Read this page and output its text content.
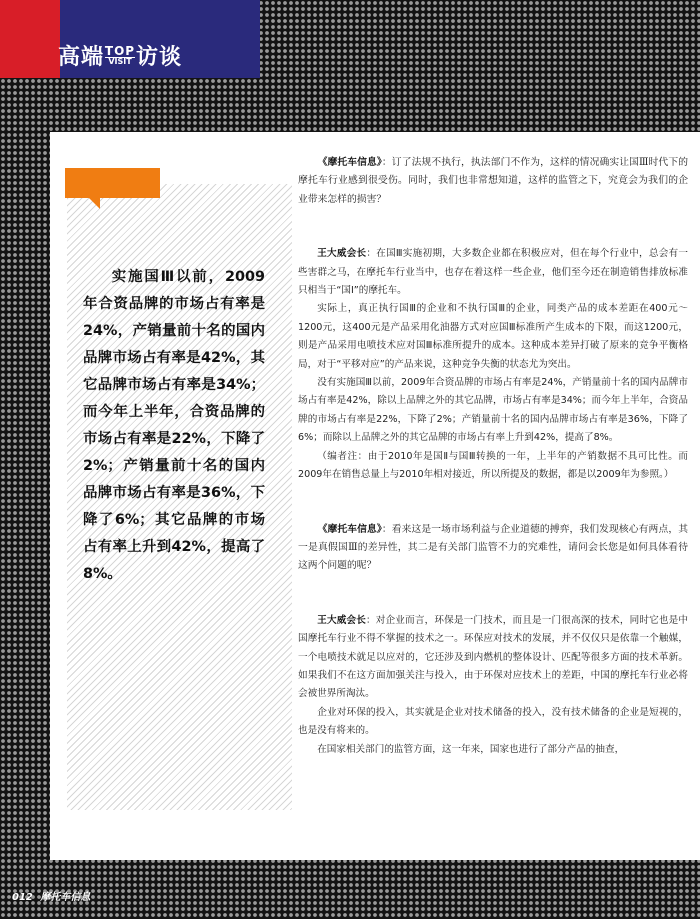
高端 TOP
VISIT 访谈
实施国Ⅲ以前，2009年合资品牌的市场占有率是24%，产销量前十名的国内品牌市场占有率是42%，其它品牌市场占有率是34%；而今年上半年，合资品牌的市场占有率是22%，下降了2%；产销量前十名的国内品牌市场占有率是36%，下降了6%；其它品牌的市场占有率上升到42%，提高了8%。

《摩托车信息》：订了法规不执行，执法部门不作为，这样的情况确实让国Ⅲ时代下的摩托车行业感到很受伤。同时，我们也非常想知道，这样的监管之下，究竟会为我们的企业带来怎样的损害？

王大威会长：在国Ⅲ实施初期，大多数企业都在积极应对，但在每个行业中，总会有一些害群之马，在摩托车行业当中，也存在着这样一些企业，他们至今还在制造销售排放标准只相当于“国Ⅰ”的摩托车。

实际上，真正执行国Ⅲ的企业和不执行国Ⅲ的企业，同类产品的成本差距在400元～1200元，这400元是产品采用化油器方式对应国Ⅲ标准所产生成本的下限，而这1200元，则是产品采用电喷技术应对国Ⅲ标准所提升的成本。这种成本差异打破了原来的竞争平衡格局，对于“平移对应”的产品来说，这种竞争失衡的状态尤为突出。

没有实施国Ⅲ以前，2009年合资品牌的市场占有率是24%，产销量前十名的国内品牌市场占有率是42%，除以上品牌之外的其它品牌，市场占有率是34%；而今年上半年，合资品牌的市场占有率是22%，下降了2%；产销量前十名的国内品牌市场占有率是36%，下降了6%；而除以上品牌之外的其它品牌的市场占有率上升到42%，提高了8%。

（编者注：由于2010年是国Ⅱ与国Ⅲ转换的一年，上半年的产销数据不具可比性。而2009年在销售总量上与2010年相对接近，所以所提及的数据，都是以2009年为参照。）

《摩托车信息》：看来这是一场市场利益与企业道德的搏弈，我们发现核心有两点，其一是真假国Ⅲ的差异性，其二是有关部门监管不力的究难性，请问会长您是如何具体看待这两个问题的呢？

王大威会长：对企业而言，环保是一门技术，而且是一门很高深的技术，同时它也是中国摩托车行业不得不掌握的技术之一。环保应对技术的发展，并不仅仅只是依靠一个触媒，一个电喷技术就足以应对的，它还涉及到内燃机的整体设计、匹配等很多方面的技术革新。如果我们不在这方面加强关注与投入，由于环保对应技术上的差距，中国的摩托车行业必将会被世界所淘汰。

企业对环保的投入，其实就是企业对技术储备的投入，没有技术储备的企业是短视的，也是没有将来的。

在国家相关部门的监管方面，这一年来，国家也进行了部分产品的抽查，

012 摩托车信息
